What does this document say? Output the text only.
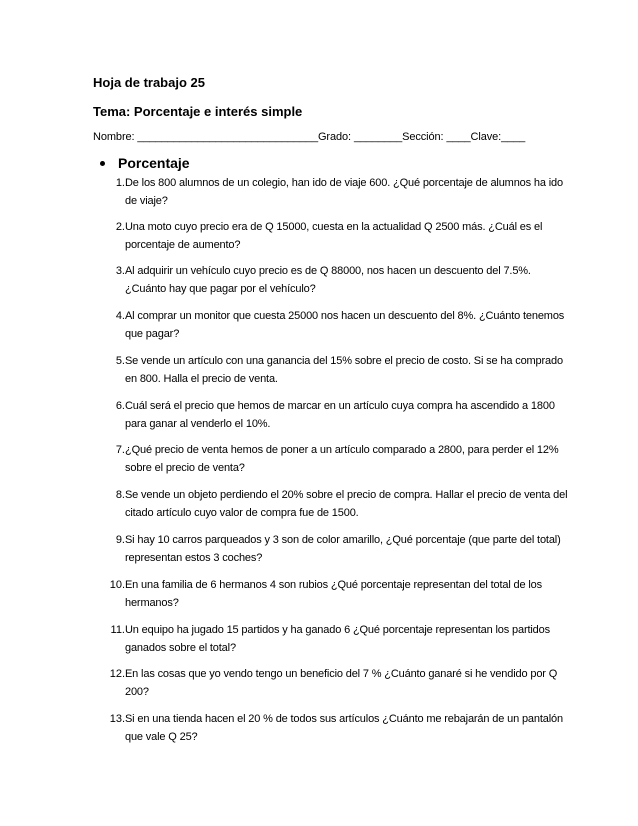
Hoja de trabajo 25
Tema: Porcentaje e interés simple
Nombre: ______________________________Grado: ________Sección: ____Clave:____
Porcentaje
1. De los 800 alumnos de un colegio, han ido de viaje 600. ¿Qué porcentaje de alumnos ha ido de viaje?
2. Una moto cuyo precio era de Q 15000, cuesta en la actualidad Q 2500 más. ¿Cuál es el porcentaje de aumento?
3. Al adquirir un vehículo cuyo precio es de Q 88000, nos hacen un descuento del 7.5%. ¿Cuánto hay que pagar por el vehículo?
4. Al comprar un monitor que cuesta 25000 nos hacen un descuento del 8%. ¿Cuánto tenemos que pagar?
5. Se vende un artículo con una ganancia del 15% sobre el precio de costo. Si se ha comprado en 800. Halla el precio de venta.
6. Cuál será el precio que hemos de marcar en un artículo cuya compra ha ascendido a 1800 para ganar al venderlo el 10%.
7. ¿Qué precio de venta hemos de poner a un artículo comparado a 2800, para perder el 12% sobre el precio de venta?
8. Se vende un objeto perdiendo el 20% sobre el precio de compra. Hallar el precio de venta del citado artículo cuyo valor de compra fue de 1500.
9. Si hay 10 carros parqueados y 3 son de color amarillo, ¿Qué porcentaje (que parte del total) representan estos 3 coches?
10. En una familia de 6 hermanos 4 son rubios ¿Qué porcentaje representan del total de los hermanos?
11. Un equipo ha jugado 15 partidos y ha ganado 6 ¿Qué porcentaje representan los partidos ganados sobre el total?
12. En las cosas que yo vendo tengo un beneficio del 7 % ¿Cuánto ganaré si he vendido por Q 200?
13. Si en una tienda hacen el 20 % de todos sus artículos ¿Cuánto me rebajarán de un pantalón que vale Q 25?
